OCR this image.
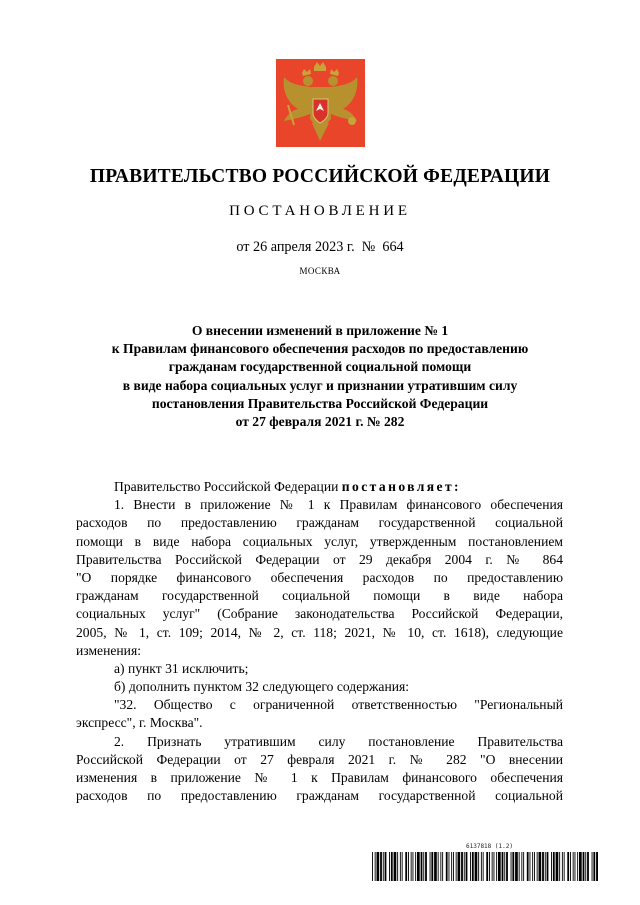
ПРАВИТЕЛЬСТВО РОССИЙСКОЙ ФЕДЕРАЦИИ
ПОСТАНОВЛЕНИЕ
от 26 апреля 2023 г.  №  664
МОСКВА
О внесении изменений в приложение № 1
к Правилам финансового обеспечения расходов по предоставлению
гражданам государственной социальной помощи
в виде набора социальных услуг и признании утратившим силу
постановления Правительства Российской Федерации
от 27 февраля 2021 г. № 282
Правительство Российской Федерации постановляет:
1. Внести в приложение № 1 к Правилам финансового обеспечения
расходов по предоставлению гражданам государственной социальной
помощи в виде набора социальных услуг, утвержденным постановлением
Правительства Российской Федерации от 29 декабря 2004 г. № 864
"О порядке финансового обеспечения расходов по предоставлению
гражданам государственной социальной помощи в виде набора
социальных услуг" (Собрание законодательства Российской Федерации,
2005, № 1, ст. 109; 2014, № 2, ст. 118; 2021, № 10, ст. 1618), следующие
изменения:
а) пункт 31 исключить;
б) дополнить пунктом 32 следующего содержания:
"32. Общество с ограниченной ответственностью "Региональный
экспресс", г. Москва".
2. Признать утратившим силу постановление Правительства
Российской Федерации от 27 февраля 2021 г. № 282 "О внесении
изменения в приложение № 1 к Правилам финансового обеспечения
расходов по предоставлению гражданам государственной социальной
6137818 (1.2)
